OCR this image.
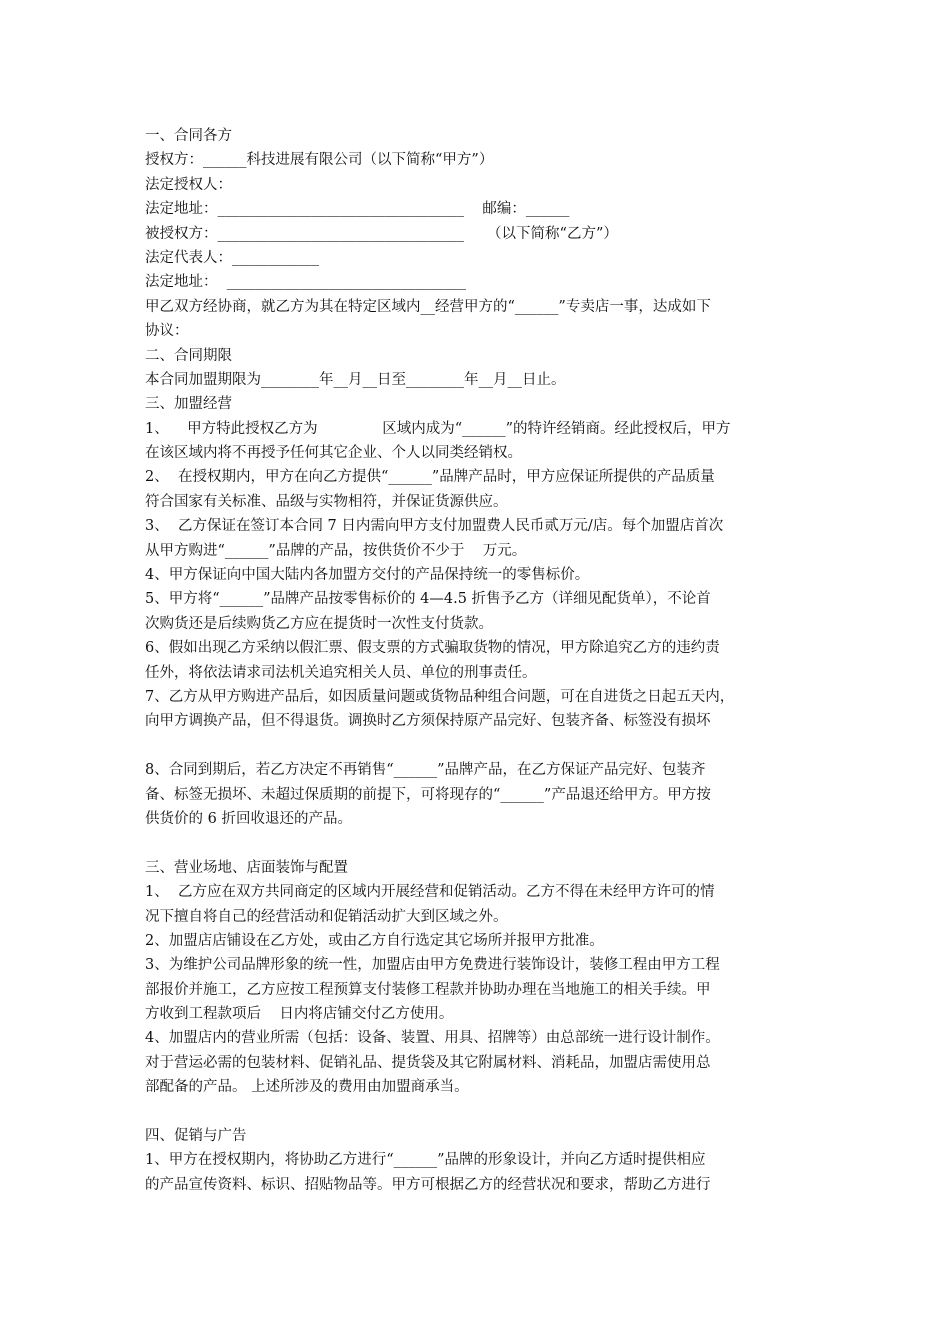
一、合同各方
授权方：______科技进展有限公司（以下简称“甲方”）
法定授权人：
法定地址：__________________________________    邮编：______
被授权方：__________________________________     （以下简称“乙方”）
法定代表人：____________
法定地址：  _________________________________
甲乙双方经协商，就乙方为其在特定区域内__经营甲方的“______”专卖店一事，达成如下
协议：
二、合同期限
本合同加盟期限为________年__月__日至________年__月__日止。
三、加盟经营
1、    甲方特此授权乙方为              区域内成为“______”的特许经销商。经此授权后，甲方
在该区域内将不再授予任何其它企业、个人以同类经销权。
2、  在授权期内，甲方在向乙方提供“______”品牌产品时，甲方应保证所提供的产品质量
符合国家有关标准、品级与实物相符，并保证货源供应。
3、  乙方保证在签订本合同 7 日内需向甲方支付加盟费人民币贰万元/店。每个加盟店首次
从甲方购进“______”品牌的产品，按供货价不少于    万元。
4、甲方保证向中国大陆内各加盟方交付的产品保持统一的零售标价。
5、甲方将“______”品牌产品按零售标价的 4—4.5 折售予乙方（详细见配货单），不论首
次购货还是后续购货乙方应在提货时一次性支付货款。
6、假如出现乙方采纳以假汇票、假支票的方式骗取货物的情况，甲方除追究乙方的违约责
任外，将依法请求司法机关追究相关人员、单位的刑事责任。
7、乙方从甲方购进产品后，如因质量问题或货物品种组合问题，可在自进货之日起五天内，
向甲方调换产品，但不得退货。调换时乙方须保持原产品完好、包装齐备、标签没有损坏
8、合同到期后，若乙方决定不再销售“______”品牌产品，在乙方保证产品完好、包装齐
备、标签无损坏、未超过保质期的前提下，可将现存的“______”产品退还给甲方。甲方按
供货价的 6 折回收退还的产品。
三、营业场地、店面装饰与配置
1、  乙方应在双方共同商定的区域内开展经营和促销活动。乙方不得在未经甲方许可的情
况下擅自将自己的经营活动和促销活动扩大到区域之外。
2、加盟店店铺设在乙方处，或由乙方自行选定其它场所并报甲方批准。
3、为维护公司品牌形象的统一性，加盟店由甲方免费进行装饰设计，装修工程由甲方工程
部报价并施工，乙方应按工程预算支付装修工程款并协助办理在当地施工的相关手续。甲
方收到工程款项后    日内将店铺交付乙方使用。
4、加盟店内的营业所需（包括：设备、装置、用具、招牌等）由总部统一进行设计制作。
对于营运必需的包装材料、促销礼品、提货袋及其它附属材料、消耗品，加盟店需使用总
部配备的产品。 上述所涉及的费用由加盟商承当。
四、促销与广告
1、甲方在授权期内，将协助乙方进行“______”品牌的形象设计，并向乙方适时提供相应
的产品宣传资料、标识、招贴物品等。甲方可根据乙方的经营状况和要求，帮助乙方进行
